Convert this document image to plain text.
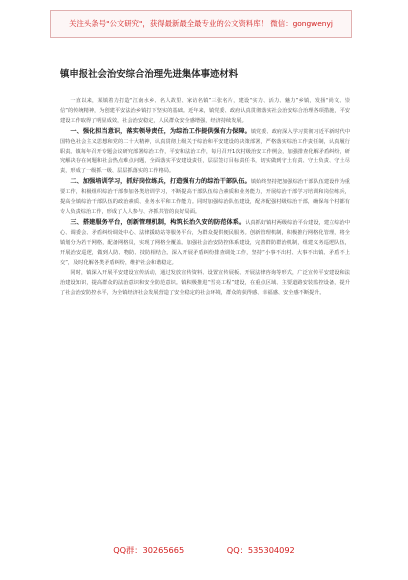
关注头条号"公文研究"，获得最新最全最专业的公文资料库！ 微信：gongwenyj
镇申报社会治安综合治理先进集体事迹材料

一直以来，某镇着力打造“江南水乡、名人故里、家访名镇”三张名片，建设“实力、活力、魅力”乡镇，发扬“尚文、崇信”的传统精神，为创建平安法治乡镇打下坚实的基础。近年来，镇党委、政府认真贯彻落实社会治安综合治理各项措施，平安建设工作取得了明显成效，社会治安稳定，人民群众安全感增强，经济持续发展。

一、强化担当意识，落实领导责任，为综治工作提供强有力保障。镇党委、政府深入学习贯彻习近平新时代中国特色社会主义思想和党的二十大精神，认真贯彻上级关于综治和平安建设的决策部署，严格落实综治工作责任制，认真履行职责。镇每年召开专题会议研究部署综治工作，平安和法治工作，每月召开1次村级治安工作例会，加强排查化解矛盾纠纷，研究解决存在问题和社会热点难点问题，全面落实平安建设责任，层层签订目标责任书，切实做到守土有责、守土负责、守土尽责，形成了一级抓一级、层层抓落实的工作格局。

二、加强培训学习，抓好岗位练兵，打造强有力的综治干部队伍。镇始终坚持把加强综治干部队伍建设作为重要工作，积极组织综治干部参加各类培训学习，不断提高干部队伍综合素质和业务能力，开展综治干部学习培训和岗位练兵，提高全镇综治干部队伍的政治素质、业务水平和工作能力。同时加强综治队伍建设，配齐配强村级综治干部，确保每个村都有专人负责综治工作，形成了人人参与、齐抓共管的良好局面。

三、搭建服务平台，创新管理机制，构筑长治久安的防范体系。认真抓好镇村两级综治平台建设，建立综治中心、调委会、矛盾纠纷调处中心、法律援助站等服务平台，为群众提供便民服务。创新管理机制，积极推行网格化管理，将全镇划分为若干网格，配备网格员，实现了网格全覆盖。加强社会治安防控体系建设，完善群防群治机制，组建义务巡逻队伍，开展治安巡逻，做到人防、物防、技防相结合。深入开展矛盾纠纷排查调处工作，坚持“小事不出村、大事不出镇、矛盾不上交”，及时化解各类矛盾纠纷，维护社会和谐稳定。

同时，镇深入开展平安建设宣传活动，通过发放宣传资料、设置宣传展板、开展法律咨询等形式，广泛宣传平安建设和法治建设知识，提高群众的法治意识和安全防范意识。镇积极推进“雪亮工程”建设，在重点区域、主要道路安装监控设备，提升了社会治安防控水平，为全镇经济社会发展营造了安全稳定的社会环境，群众的获得感、幸福感、安全感不断提升。

QQ群：30265665	QQ：535304092
